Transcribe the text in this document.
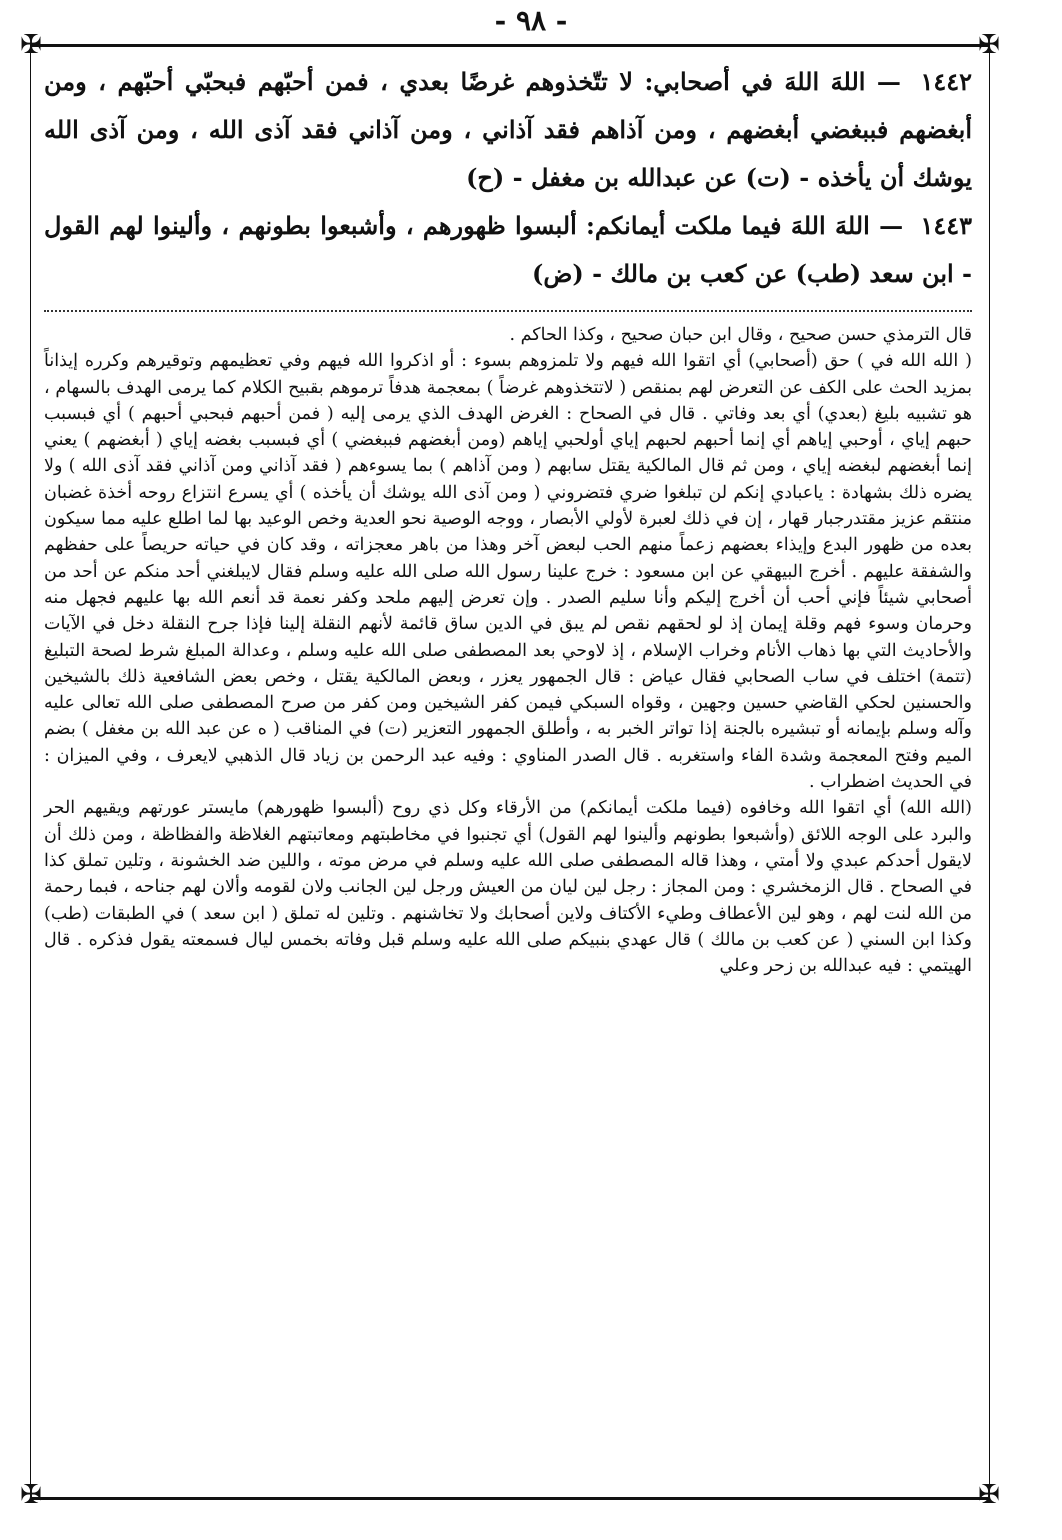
- ٩٨ -
✠	✠
✠	✠

١٤٤٢ — اللهَ اللهَ في أصحابي: لا تتّخذوهم غرضًا بعدي ، فمن أحبّهم فبحبّي أحبّهم ، ومن أبغضهم فببغضي أبغضهم ، ومن آذاهم فقد آذاني ، ومن آذاني فقد آذى الله ، ومن آذى الله يوشك أن يأخذه - (ت) عن عبدالله بن مغفل - (ح)

١٤٤٣ — اللهَ اللهَ فيما ملكت أيمانكم: ألبسوا ظهورهم ، وأشبعوا بطونهم ، وألينوا لهم القول - ابن سعد (طب) عن كعب بن مالك - (ض)

قال الترمذي حسن صحيح ، وقال ابن حبان صحيح ، وكذا الحاكم .

( الله الله في ) حق (أصحابي) أي اتقوا الله فيهم ولا تلمزوهم بسوء : أو اذكروا الله فيهم وفي تعظيمهم وتوقيرهم وكرره إيذاناً بمزيد الحث على الكف عن التعرض لهم بمنقص ( لاتتخذوهم غرضاً ) بمعجمة هدفاً ترموهم بقبيح الكلام كما يرمى الهدف بالسهام ، هو تشبيه بليغ (بعدي) أي بعد وفاتي . قال في الصحاح : الغرض الهدف الذي يرمى إليه ( فمن أحبهم فبحبي أحبهم ) أي فبسبب حبهم إياي ، أوحبي إياهم أي إنما أحبهم لحبهم إياي أولحبي إياهم (ومن أبغضهم فببغضي ) أي فبسبب بغضه إياي ( أبغضهم ) يعني إنما أبغضهم لبغضه إياي ، ومن ثم قال المالكية يقتل سابهم ( ومن آذاهم ) بما يسوءهم ( فقد آذاني ومن آذاني فقد آذى الله ) ولا يضره ذلك بشهادة : ياعبادي إنكم لن تبلغوا ضري فتضروني ( ومن آذى الله يوشك أن يأخذه ) أي يسرع انتزاع روحه أخذة غضبان منتقم عزيز مقتدرجبار قهار ، إن في ذلك لعبرة لأولي الأبصار ، ووجه الوصية نحو العدية وخص الوعيد بها لما اطلع عليه مما سيكون بعده من ظهور البدع وإيذاء بعضهم زعماً منهم الحب لبعض آخر وهذا من باهر معجزاته ، وقد كان في حياته حريصاً على حفظهم والشفقة عليهم . أخرج البيهقي عن ابن مسعود : خرج علينا رسول الله صلى الله عليه وسلم فقال لايبلغني أحد منكم عن أحد من أصحابي شيئاً فإني أحب أن أخرج إليكم وأنا سليم الصدر . وإن تعرض إليهم ملحد وكفر نعمة قد أنعم الله بها عليهم فجهل منه وحرمان وسوء فهم وقلة إيمان إذ لو لحقهم نقص لم يبق في الدين ساق قائمة لأنهم النقلة إلينا فإذا جرح النقلة دخل في الآيات والأحاديث التي بها ذهاب الأنام وخراب الإسلام ، إذ لاوحي بعد المصطفى صلى الله عليه وسلم ، وعدالة المبلغ شرط لصحة التبليغ (تتمة) اختلف في ساب الصحابي فقال عياض : قال الجمهور يعزر ، وبعض المالكية يقتل ، وخص بعض الشافعية ذلك بالشيخين والحسنين لحكي القاضي حسين وجهين ، وقواه السبكي فيمن كفر الشيخين ومن كفر من صرح المصطفى صلى الله تعالى عليه وآله وسلم بإيمانه أو تبشيره بالجنة إذا تواتر الخبر به ، وأطلق الجمهور التعزير (ت) في المناقب ( ه عن عبد الله بن مغفل ) بضم الميم وفتح المعجمة وشدة الفاء واستغربه . قال الصدر المناوي : وفيه عبد الرحمن بن زياد قال الذهبي لايعرف ، وفي الميزان : في الحديث اضطراب .

(الله الله) أي اتقوا الله وخافوه (فيما ملكت أيمانكم) من الأرقاء وكل ذي روح (ألبسوا ظهورهم) مايستر عورتهم ويقيهم الحر والبرد على الوجه اللائق (وأشبعوا بطونهم وألينوا لهم القول) أي تجنبوا في مخاطبتهم ومعاتبتهم الغلاظة والفظاظة ، ومن ذلك أن لايقول أحدكم عبدي ولا أمتي ، وهذا قاله المصطفى صلى الله عليه وسلم في مرض موته ، واللين ضد الخشونة ، وتلين تملق كذا في الصحاح . قال الزمخشري : ومن المجاز : رجل لين ليان من العيش ورجل لين الجانب ولان لقومه وألان لهم جناحه ، فبما رحمة من الله لنت لهم ، وهو لين الأعطاف وطيء الأكتاف ولاين أصحابك ولا تخاشنهم . وتلين له تملق ( ابن سعد ) في الطبقات (طب) وكذا ابن السني ( عن كعب بن مالك ) قال عهدي بنبيكم صلى الله عليه وسلم قبل وفاته بخمس ليال فسمعته يقول فذكره . قال الهيتمي : فيه عبدالله بن زحر وعلي
